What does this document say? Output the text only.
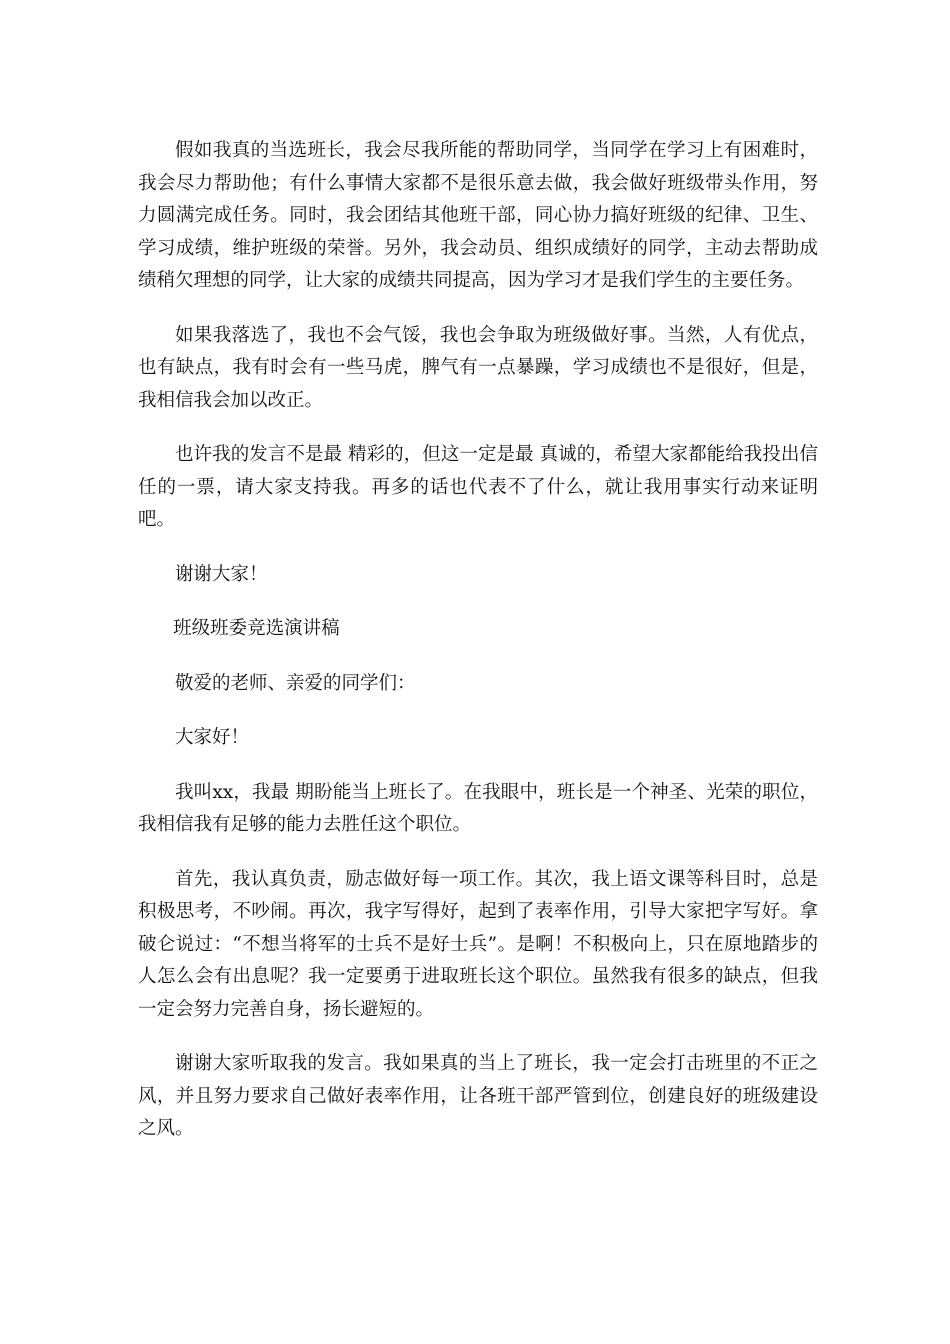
假如我真的当选班长，我会尽我所能的帮助同学，当同学在学习上有困难时，我会尽力帮助他；有什么事情大家都不是很乐意去做，我会做好班级带头作用，努力圆满完成任务。同时，我会团结其他班干部，同心协力搞好班级的纪律、卫生、学习成绩，维护班级的荣誉。另外，我会动员、组织成绩好的同学，主动去帮助成绩稍欠理想的同学，让大家的成绩共同提高，因为学习才是我们学生的主要任务。

如果我落选了，我也不会气馁，我也会争取为班级做好事。当然，人有优点，也有缺点，我有时会有一些马虎，脾气有一点暴躁，学习成绩也不是很好，但是，我相信我会加以改正。

也许我的发言不是最 精彩的，但这一定是最 真诚的，希望大家都能给我投出信任的一票，请大家支持我。再多的话也代表不了什么，就让我用事实行动来证明吧。

谢谢大家！

班级班委竞选演讲稿

敬爱的老师、亲爱的同学们：

大家好！

我叫xx，我最 期盼能当上班长了。在我眼中，班长是一个神圣、光荣的职位，我相信我有足够的能力去胜任这个职位。

首先，我认真负责，励志做好每一项工作。其次，我上语文课等科目时，总是积极思考，不吵闹。再次，我字写得好，起到了表率作用，引导大家把字写好。拿破仑说过：“不想当将军的士兵不是好士兵”。是啊！不积极向上，只在原地踏步的人怎么会有出息呢？我一定要勇于进取班长这个职位。虽然我有很多的缺点，但我一定会努力完善自身，扬长避短的。

谢谢大家听取我的发言。我如果真的当上了班长，我一定会打击班里的不正之风，并且努力要求自己做好表率作用，让各班干部严管到位，创建良好的班级建设之风。
